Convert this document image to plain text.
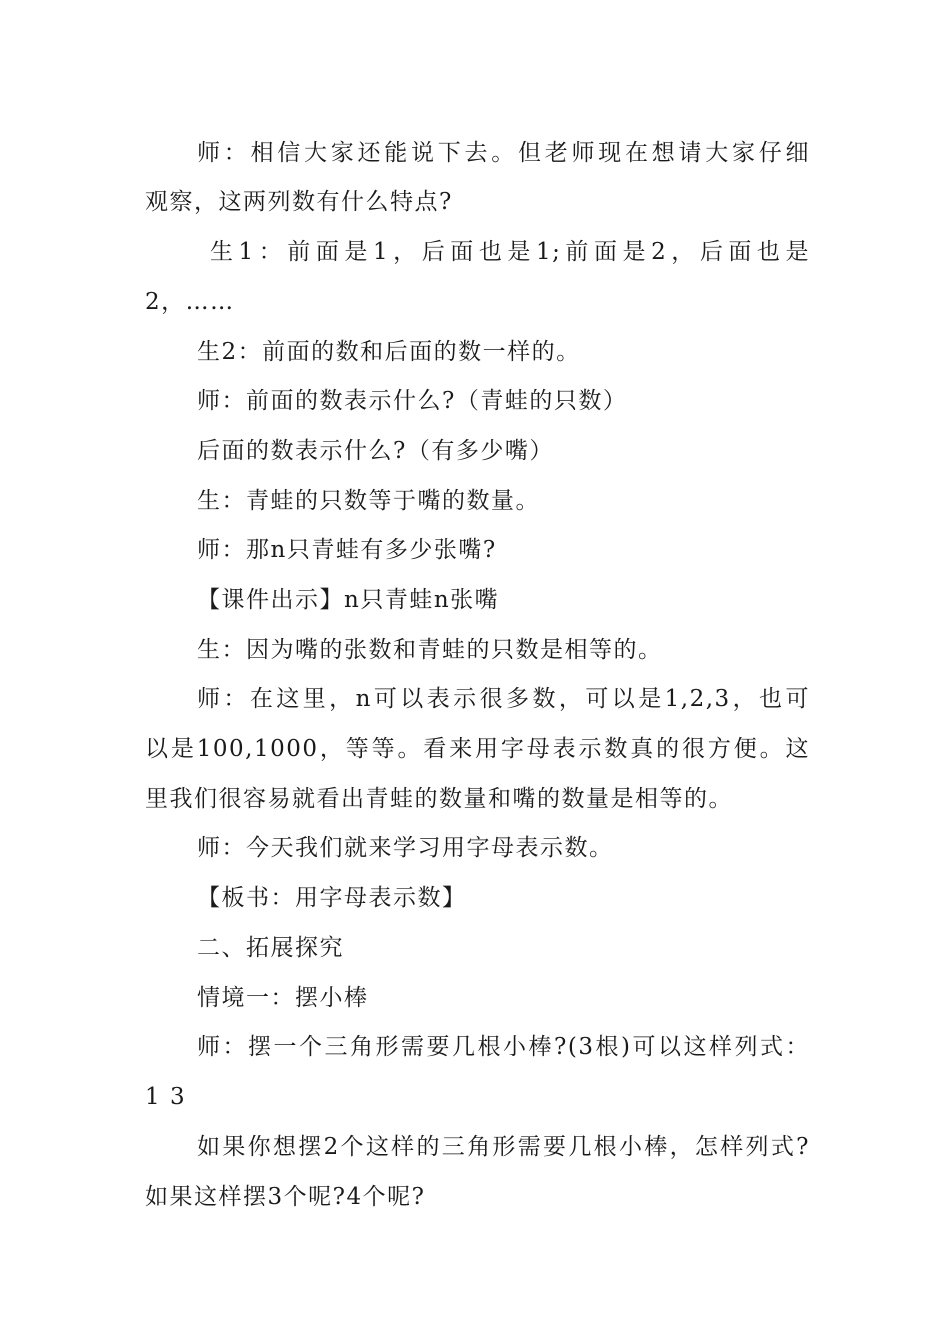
师：相信大家还能说下去。但老师现在想请大家仔细
观察，这两列数有什么特点?
生1：前面是1，后面也是1;前面是2，后面也是
2，……
生2：前面的数和后面的数一样的。
师：前面的数表示什么?（青蛙的只数）
后面的数表示什么?（有多少嘴）
生：青蛙的只数等于嘴的数量。
师：那n只青蛙有多少张嘴?
【课件出示】n只青蛙n张嘴
生：因为嘴的张数和青蛙的只数是相等的。
师：在这里，n可以表示很多数，可以是1,2,3，也可
以是100,1000，等等。看来用字母表示数真的很方便。这
里我们很容易就看出青蛙的数量和嘴的数量是相等的。
师：今天我们就来学习用字母表示数。
【板书：用字母表示数】
二、拓展探究
情境一：摆小棒
师：摆一个三角形需要几根小棒?(3根)可以这样列式：
1 3
如果你想摆2个这样的三角形需要几根小棒，怎样列式?
如果这样摆3个呢?4个呢?
